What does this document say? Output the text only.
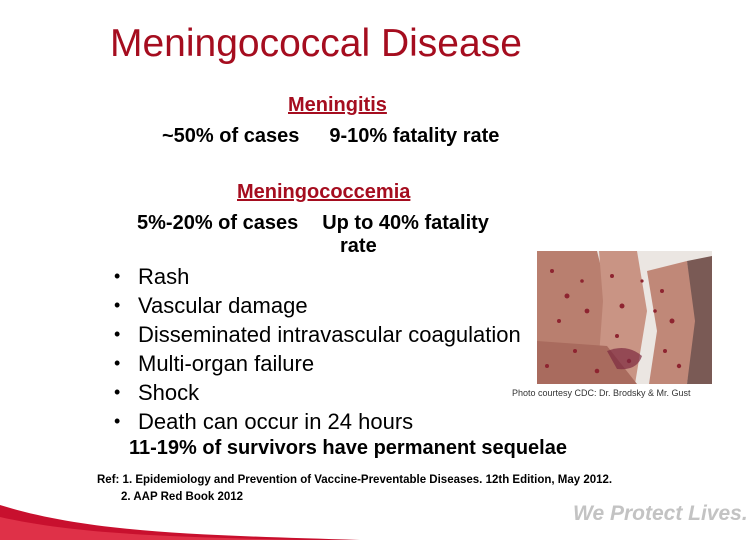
Meningococcal Disease
Meningitis
~50% of cases 9-10% fatality rate
Meningococcemia
5%-20% of cases Up to 40% fatality
rate
• Rash
• Vascular damage
• Disseminated intravascular coagulation
• Multi-organ failure
• Shock
• Death can occur in 24 hours
Photo courtesy CDC: Dr. Brodsky & Mr. Gust
11-19% of survivors have permanent sequelae
Ref: 1. Epidemiology and Prevention of Vaccine-Preventable Diseases. 12th Edition, May 2012.
2. AAP Red Book 2012
We Protect Lives.
